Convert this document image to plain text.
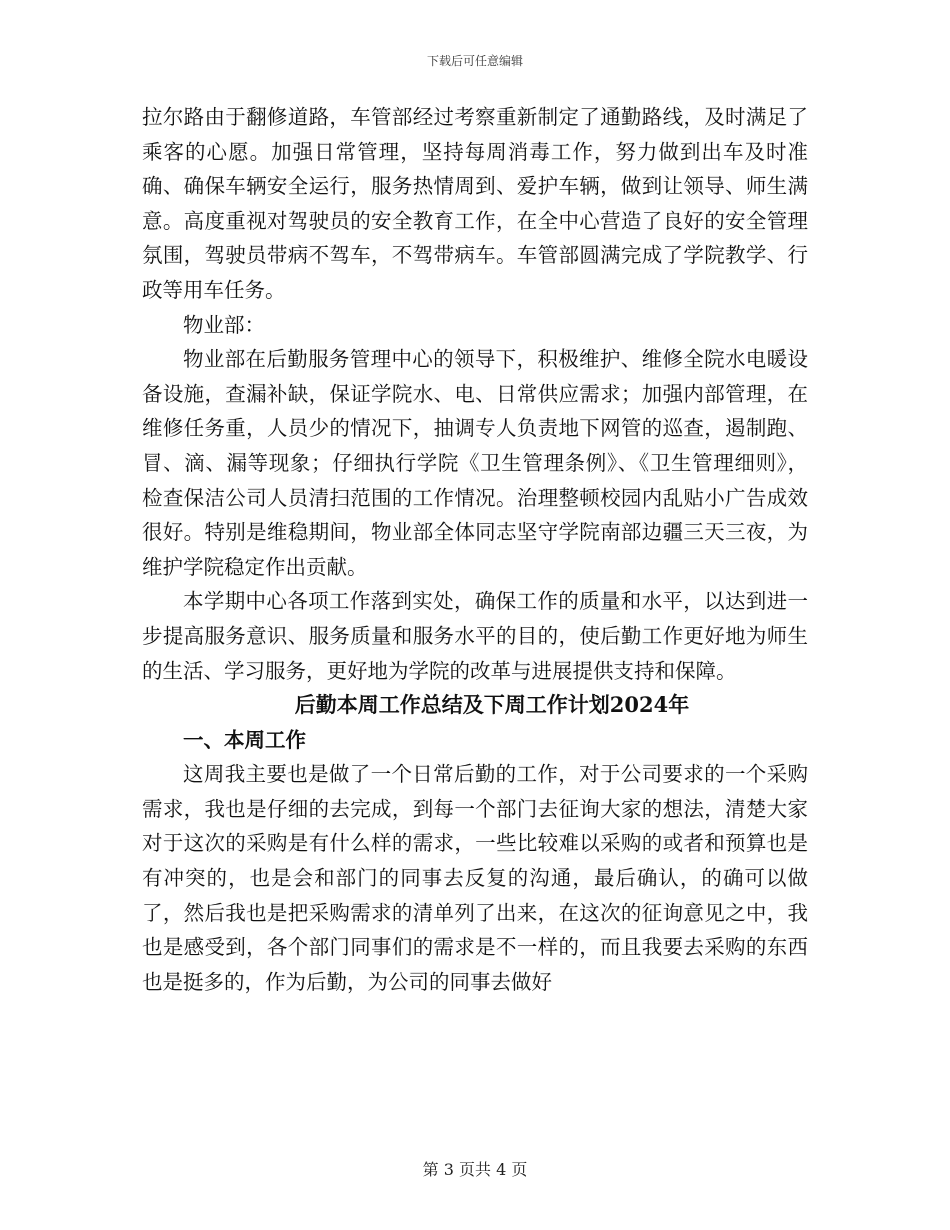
下载后可任意编辑

拉尔路由于翻修道路，车管部经过考察重新制定了通勤路线，及时满足了乘客的心愿。加强日常管理，坚持每周消毒工作，努力做到出车及时准确、确保车辆安全运行，服务热情周到、爱护车辆，做到让领导、师生满意。高度重视对驾驶员的安全教育工作，在全中心营造了良好的安全管理氛围，驾驶员带病不驾车，不驾带病车。车管部圆满完成了学院教学、行政等用车任务。

物业部：

物业部在后勤服务管理中心的领导下，积极维护、维修全院水电暖设备设施，查漏补缺，保证学院水、电、日常供应需求；加强内部管理，在维修任务重，人员少的情况下，抽调专人负责地下网管的巡查，遏制跑、冒、滴、漏等现象；仔细执行学院《卫生管理条例》、《卫生管理细则》，检查保洁公司人员清扫范围的工作情况。治理整顿校园内乱贴小广告成效很好。特别是维稳期间，物业部全体同志坚守学院南部边疆三天三夜，为维护学院稳定作出贡献。

本学期中心各项工作落到实处，确保工作的质量和水平，以达到进一步提高服务意识、服务质量和服务水平的目的，使后勤工作更好地为师生的生活、学习服务，更好地为学院的改革与进展提供支持和保障。

后勤本周工作总结及下周工作计划2024年

一、本周工作

这周我主要也是做了一个日常后勤的工作，对于公司要求的一个采购需求，我也是仔细的去完成，到每一个部门去征询大家的想法，清楚大家对于这次的采购是有什么样的需求，一些比较难以采购的或者和预算也是有冲突的，也是会和部门的同事去反复的沟通，最后确认，的确可以做了，然后我也是把采购需求的清单列了出来，在这次的征询意见之中，我也是感受到，各个部门同事们的需求是不一样的，而且我要去采购的东西也是挺多的，作为后勤，为公司的同事去做好

第 3 页共 4 页
